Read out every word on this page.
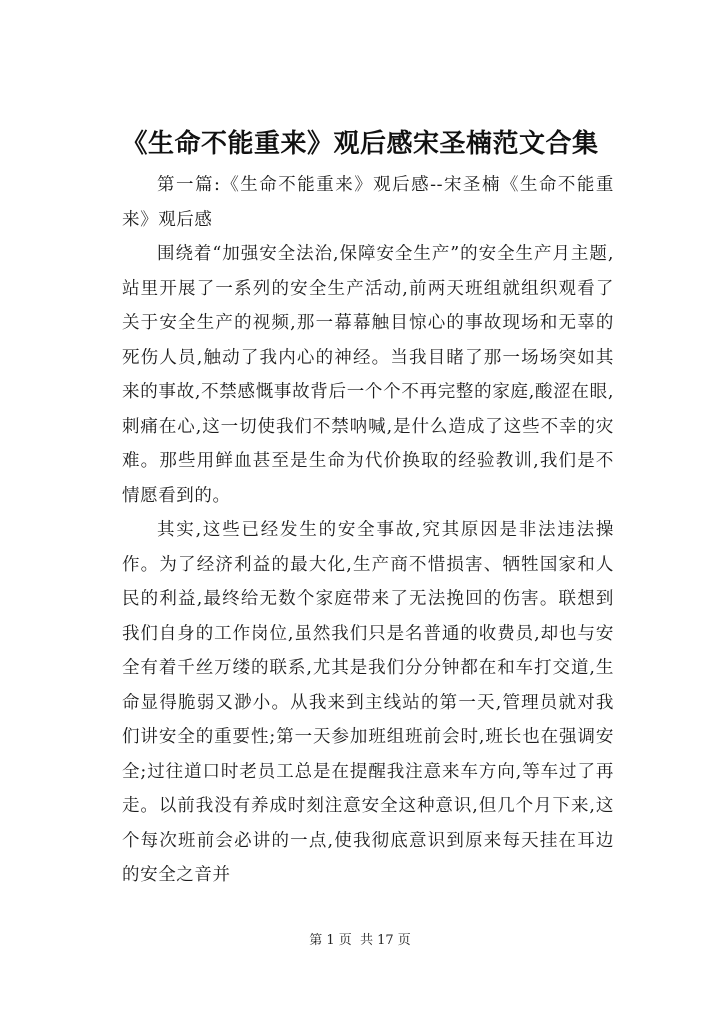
《生命不能重来》观后感宋圣楠范文合集

第一篇:《生命不能重来》观后感--宋圣楠《生命不能重来》观后感

围绕着“加强安全法治,保障安全生产”的安全生产月主题,站里开展了一系列的安全生产活动,前两天班组就组织观看了关于安全生产的视频,那一幕幕触目惊心的事故现场和无辜的死伤人员,触动了我内心的神经。当我目睹了那一场场突如其来的事故,不禁感慨事故背后一个个不再完整的家庭,酸涩在眼,刺痛在心,这一切使我们不禁呐喊,是什么造成了这些不幸的灾难。那些用鲜血甚至是生命为代价换取的经验教训,我们是不情愿看到的。

其实,这些已经发生的安全事故,究其原因是非法违法操作。为了经济利益的最大化,生产商不惜损害、牺牲国家和人民的利益,最终给无数个家庭带来了无法挽回的伤害。联想到我们自身的工作岗位,虽然我们只是名普通的收费员,却也与安全有着千丝万缕的联系,尤其是我们分分钟都在和车打交道,生命显得脆弱又渺小。从我来到主线站的第一天,管理员就对我们讲安全的重要性;第一天参加班组班前会时,班长也在强调安全;过往道口时老员工总是在提醒我注意来车方向,等车过了再走。以前我没有养成时刻注意安全这种意识,但几个月下来,这个每次班前会必讲的一点,使我彻底意识到原来每天挂在耳边的安全之音并

第 1 页  共 17 页
